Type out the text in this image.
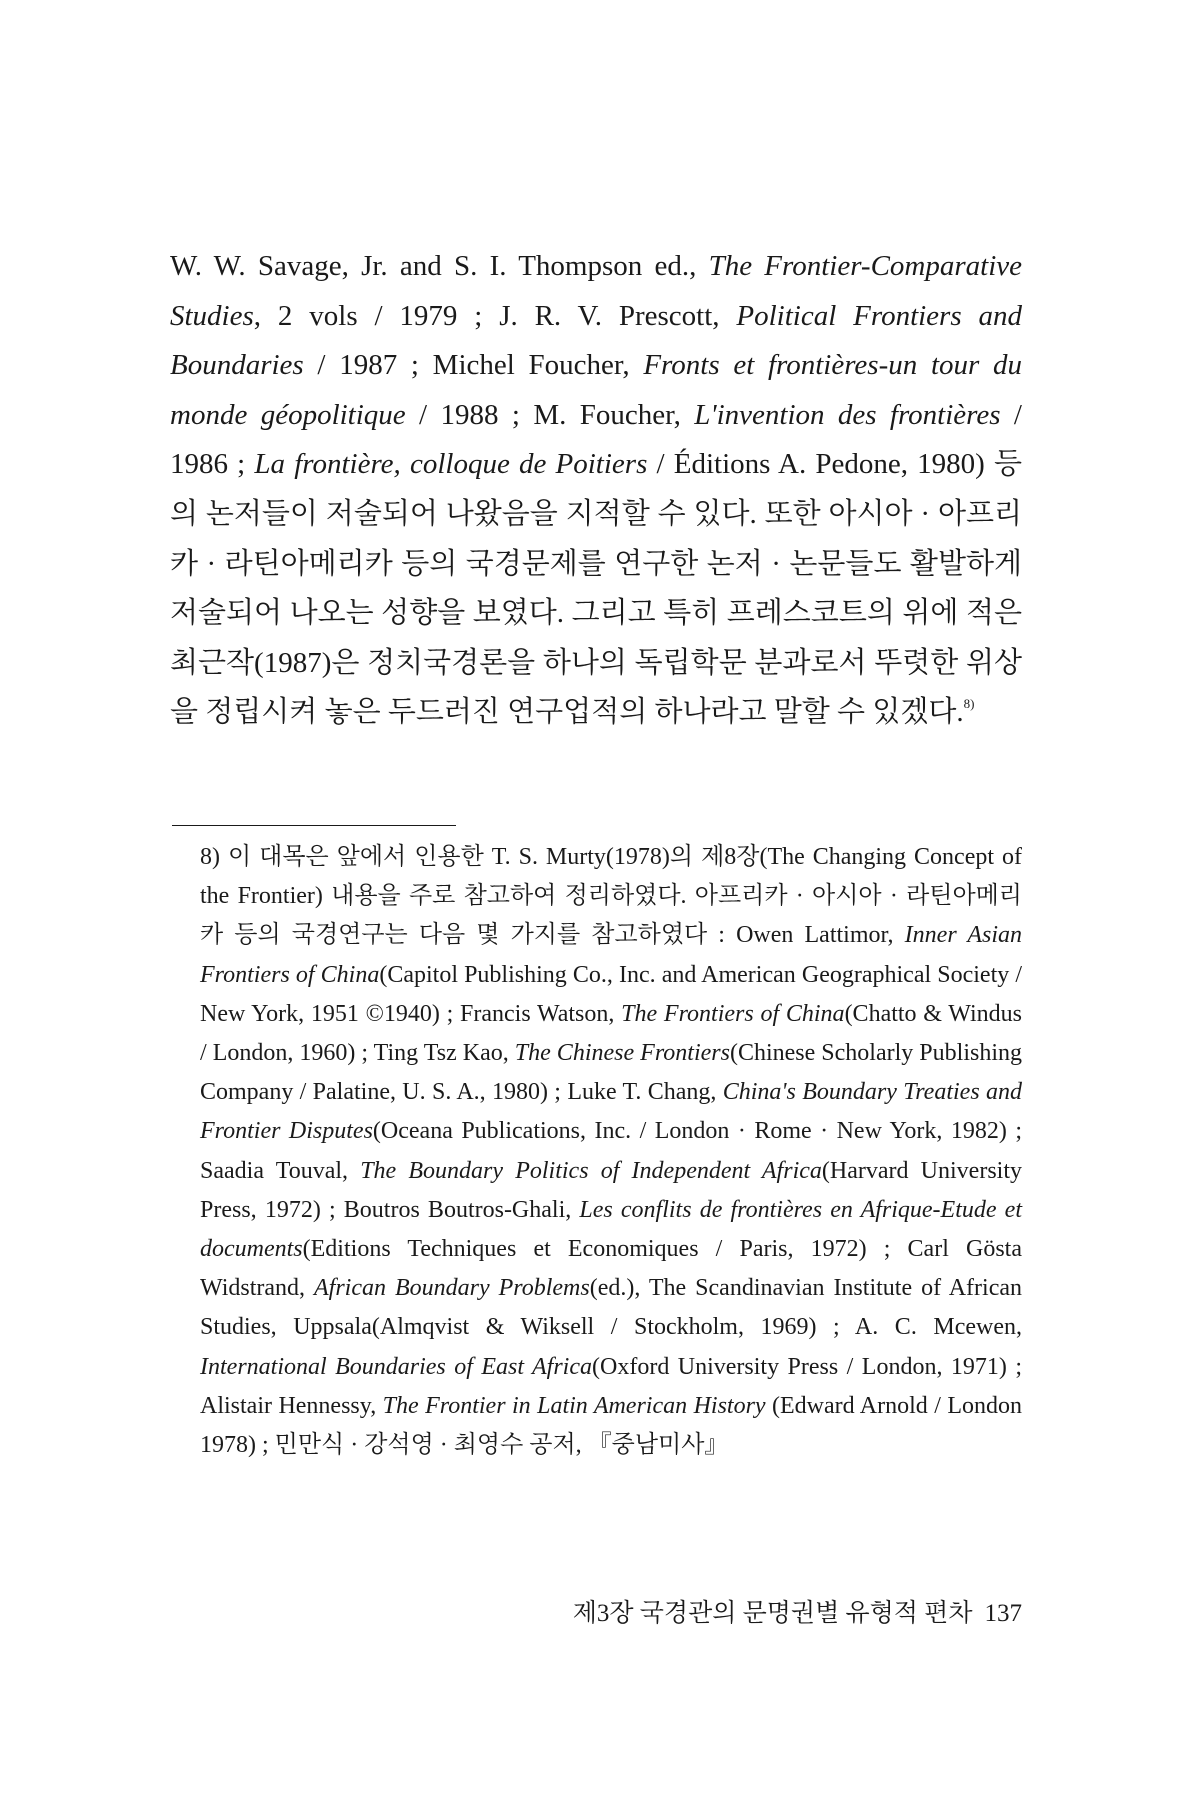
W. W. Savage, Jr. and S. I. Thompson ed., The Frontier-Comparative Studies, 2 vols / 1979 ; J. R. V. Prescott, Political Frontiers and Boundaries / 1987 ; Michel Foucher, Fronts et frontières-un tour du monde géopolitique / 1988 ; M. Foucher, L'invention des frontières / 1986 ; La frontière, colloque de Poitiers / Éditions A. Pedone, 1980) 등의 논저들이 저술되어 나왔음을 지적할 수 있다. 또한 아시아 · 아프리카 · 라틴아메리카 등의 국경문제를 연구한 논저 · 논문들도 활발하게 저술되어 나오는 성향을 보였다. 그리고 특히 프레스코트의 위에 적은 최근작(1987)은 정치국경론을 하나의 독립학문 분과로서 뚜렷한 위상을 정립시켜 놓은 두드러진 연구업적의 하나라고 말할 수 있겠다.$^{8)}$

8) 이 대목은 앞에서 인용한 T. S. Murty(1978)의 제8장(The Changing Concept of the Frontier) 내용을 주로 참고하여 정리하였다. 아프리카 · 아시아 · 라틴아메리카 등의 국경연구는 다음 몇 가지를 참고하였다 : Owen Lattimor, Inner Asian Frontiers of China(Capitol Publishing Co., Inc. and American Geographical Society / New York, 1951 ©1940) ; Francis Watson, The Frontiers of China(Chatto & Windus / London, 1960) ; Ting Tsz Kao, The Chinese Frontiers(Chinese Scholarly Publishing Company / Palatine, U. S. A., 1980) ; Luke T. Chang, China's Boundary Treaties and Frontier Disputes(Oceana Publications, Inc. / London · Rome · New York, 1982) ; Saadia Touval, The Boundary Politics of Independent Africa(Harvard University Press, 1972) ; Boutros Boutros-Ghali, Les conflits de frontières en Afrique-Etude et documents(Editions Techniques et Economiques / Paris, 1972) ; Carl Gösta Widstrand, African Boundary Problems(ed.), The Scandinavian Institute of African Studies, Uppsala(Almqvist & Wiksell / Stockholm, 1969) ; A. C. Mcewen, International Boundaries of East Africa(Oxford University Press / London, 1971) ; Alistair Hennessy, The Frontier in Latin American History (Edward Arnold / London 1978) ; 민만식 · 강석영 · 최영수 공저, 『중남미사』

제3장 국경관의 문명권별 유형적 편차 137
